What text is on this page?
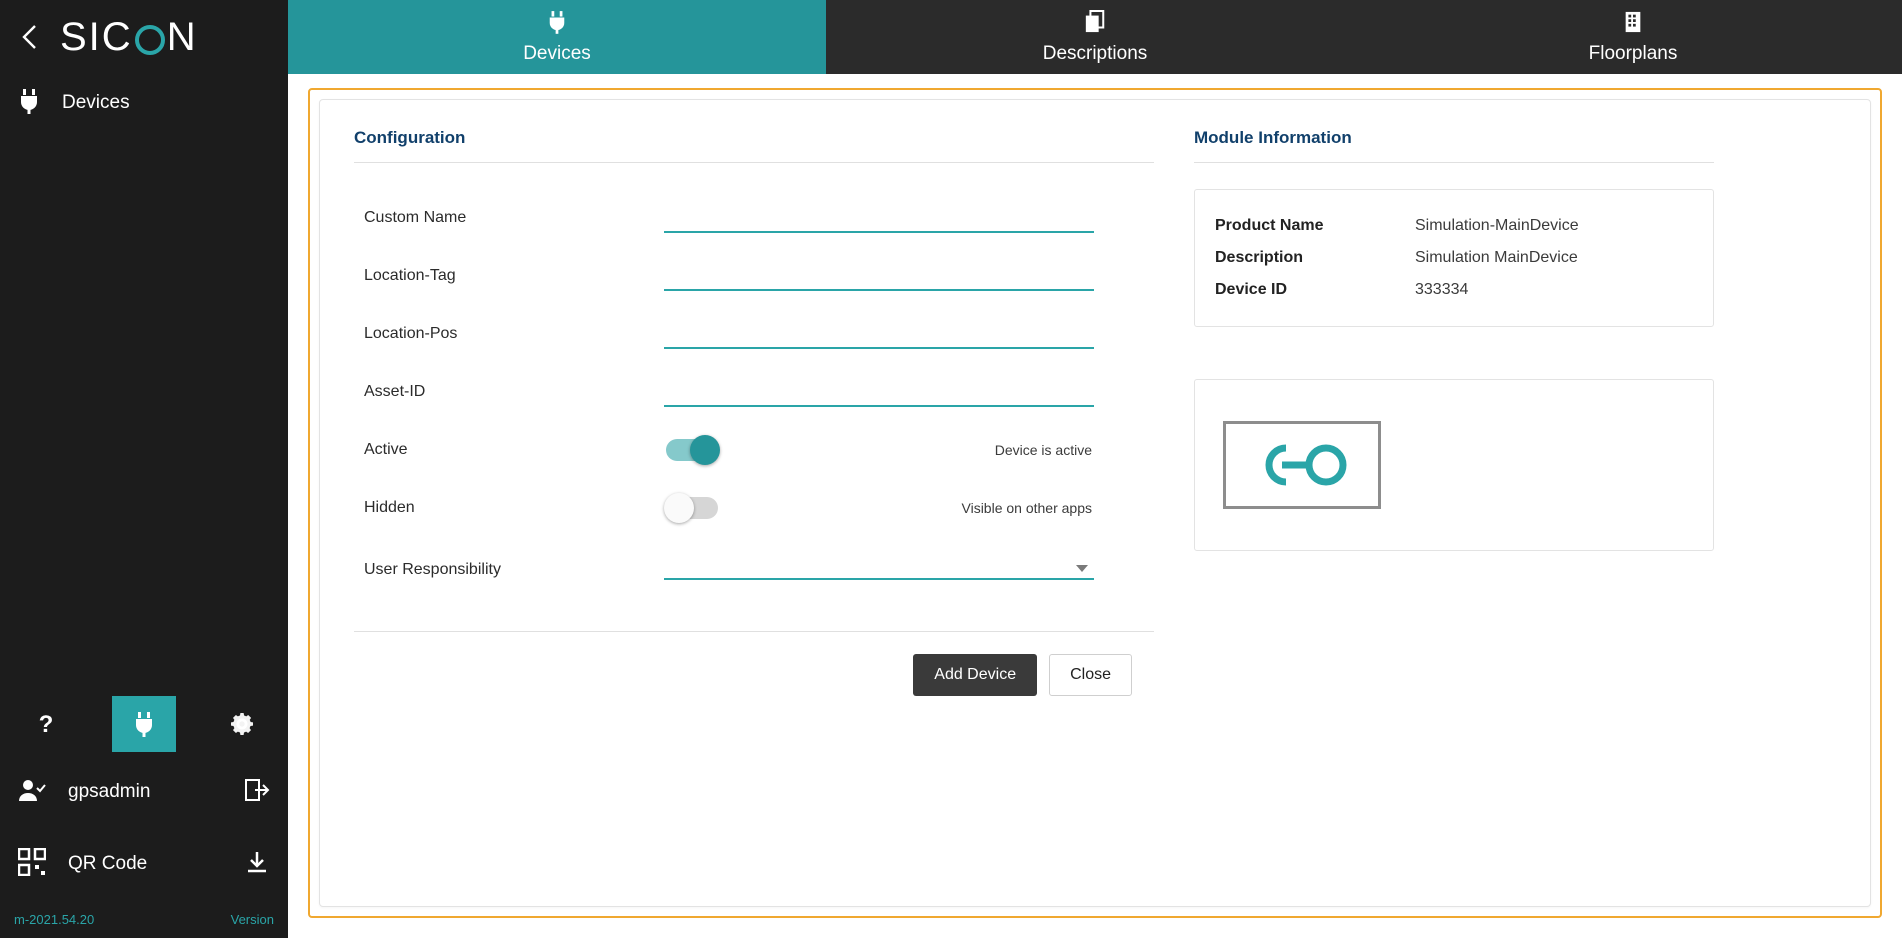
SIC N
Devices
?
gpsadmin
QR Code
m-2021.54.20	Version
Devices	Descriptions	Floorplans
Configuration
Custom Name
Location-Tag
Location-Pos
Asset-ID
Active	Device is active
Hidden	Visible on other apps
User Responsibility
Add Device	Close
Module Information
Product Name	Simulation-MainDevice
Description	Simulation MainDevice
Device ID	333334
